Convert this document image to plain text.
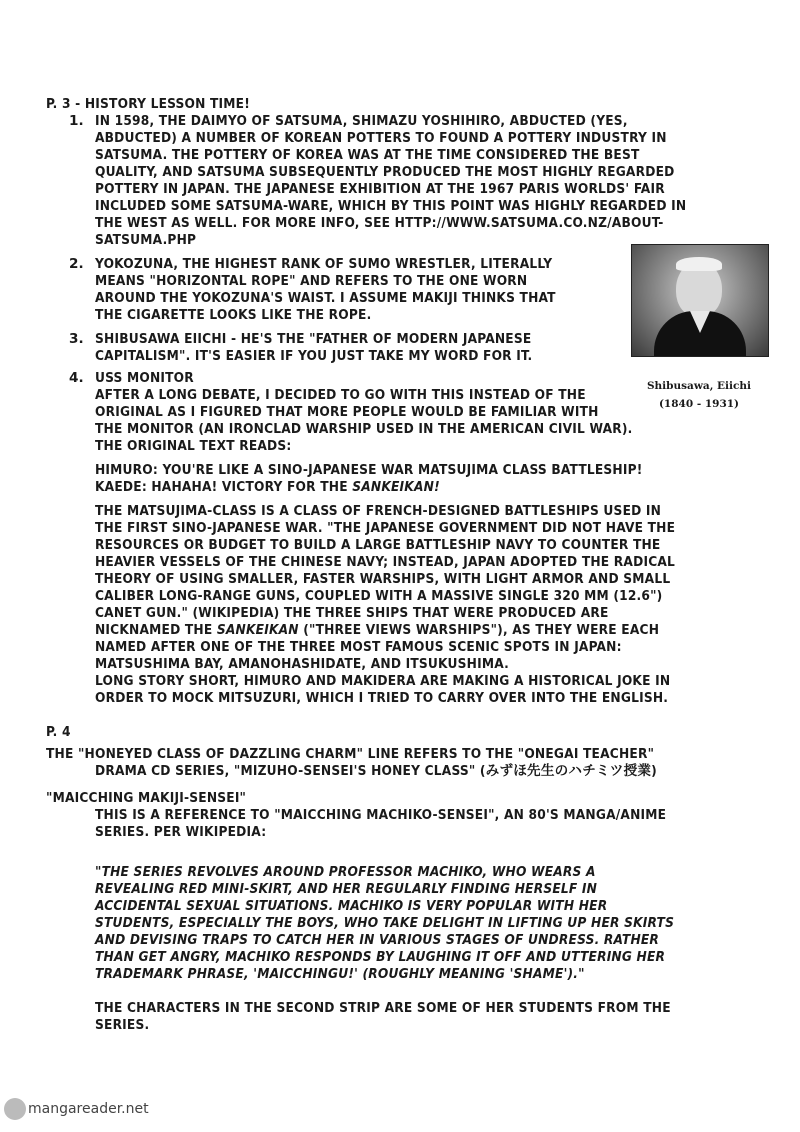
P. 3 - HISTORY LESSON TIME!
1. IN 1598, THE DAIMYO OF SATSUMA, SHIMAZU YOSHIHIRO, ABDUCTED (YES,
ABDUCTED) A NUMBER OF KOREAN POTTERS TO FOUND A POTTERY INDUSTRY IN
SATSUMA. THE POTTERY OF KOREA WAS AT THE TIME CONSIDERED THE BEST
QUALITY, AND SATSUMA SUBSEQUENTLY PRODUCED THE MOST HIGHLY REGARDED
POTTERY IN JAPAN. THE JAPANESE EXHIBITION AT THE 1967 PARIS WORLDS' FAIR
INCLUDED SOME SATSUMA-WARE, WHICH BY THIS POINT WAS HIGHLY REGARDED IN
THE WEST AS WELL. FOR MORE INFO, SEE HTTP://WWW.SATSUMA.CO.NZ/ABOUT-
SATSUMA.PHP
2. YOKOZUNA, THE HIGHEST RANK OF SUMO WRESTLER, LITERALLY
MEANS "HORIZONTAL ROPE" AND REFERS TO THE ONE WORN
AROUND THE YOKOZUNA'S WAIST. I ASSUME MAKIJI THINKS THAT
THE CIGARETTE LOOKS LIKE THE ROPE.
3. SHIBUSAWA EIICHI - HE'S THE "FATHER OF MODERN JAPANESE
CAPITALISM". IT'S EASIER IF YOU JUST TAKE MY WORD FOR IT.
Shibusawa, Eiichi
(1840 - 1931)
4. USS MONITOR
AFTER A LONG DEBATE, I DECIDED TO GO WITH THIS INSTEAD OF THE
ORIGINAL AS I FIGURED THAT MORE PEOPLE WOULD BE FAMILIAR WITH
THE MONITOR (AN IRONCLAD WARSHIP USED IN THE AMERICAN CIVIL WAR).
THE ORIGINAL TEXT READS:
HIMURO: YOU'RE LIKE A SINO-JAPANESE WAR MATSUJIMA CLASS BATTLESHIP!
KAEDE: HAHAHA! VICTORY FOR THE SANKEIKAN!
THE MATSUJIMA-CLASS IS A CLASS OF FRENCH-DESIGNED BATTLESHIPS USED IN
THE FIRST SINO-JAPANESE WAR. "THE JAPANESE GOVERNMENT DID NOT HAVE THE
RESOURCES OR BUDGET TO BUILD A LARGE BATTLESHIP NAVY TO COUNTER THE
HEAVIER VESSELS OF THE CHINESE NAVY; INSTEAD, JAPAN ADOPTED THE RADICAL
THEORY OF USING SMALLER, FASTER WARSHIPS, WITH LIGHT ARMOR AND SMALL
CALIBER LONG-RANGE GUNS, COUPLED WITH A MASSIVE SINGLE 320 MM (12.6")
CANET GUN." (WIKIPEDIA) THE THREE SHIPS THAT WERE PRODUCED ARE
NICKNAMED THE SANKEIKAN ("THREE VIEWS WARSHIPS"), AS THEY WERE EACH
NAMED AFTER ONE OF THE THREE MOST FAMOUS SCENIC SPOTS IN JAPAN:
MATSUSHIMA BAY, AMANOHASHIDATE, AND ITSUKUSHIMA.
LONG STORY SHORT, HIMURO AND MAKIDERA ARE MAKING A HISTORICAL JOKE IN
ORDER TO MOCK MITSUZURI, WHICH I TRIED TO CARRY OVER INTO THE ENGLISH.
P. 4
THE "HONEYED CLASS OF DAZZLING CHARM" LINE REFERS TO THE "ONEGAI TEACHER"
DRAMA CD SERIES, "MIZUHO-SENSEI'S HONEY CLASS" (みずほ先生のハチミツ授業)
"MAICCHING MAKIJI-SENSEI"
THIS IS A REFERENCE TO "MAICCHING MACHIKO-SENSEI", AN 80'S MANGA/ANIME
SERIES. PER WIKIPEDIA:
"THE SERIES REVOLVES AROUND PROFESSOR MACHIKO, WHO WEARS A
REVEALING RED MINI-SKIRT, AND HER REGULARLY FINDING HERSELF IN
ACCIDENTAL SEXUAL SITUATIONS. MACHIKO IS VERY POPULAR WITH HER
STUDENTS, ESPECIALLY THE BOYS, WHO TAKE DELIGHT IN LIFTING UP HER SKIRTS
AND DEVISING TRAPS TO CATCH HER IN VARIOUS STAGES OF UNDRESS. RATHER
THAN GET ANGRY, MACHIKO RESPONDS BY LAUGHING IT OFF AND UTTERING HER
TRADEMARK PHRASE, 'MAICCHINGU!' (ROUGHLY MEANING 'SHAME')."
THE CHARACTERS IN THE SECOND STRIP ARE SOME OF HER STUDENTS FROM THE
SERIES.
mangareader.net
